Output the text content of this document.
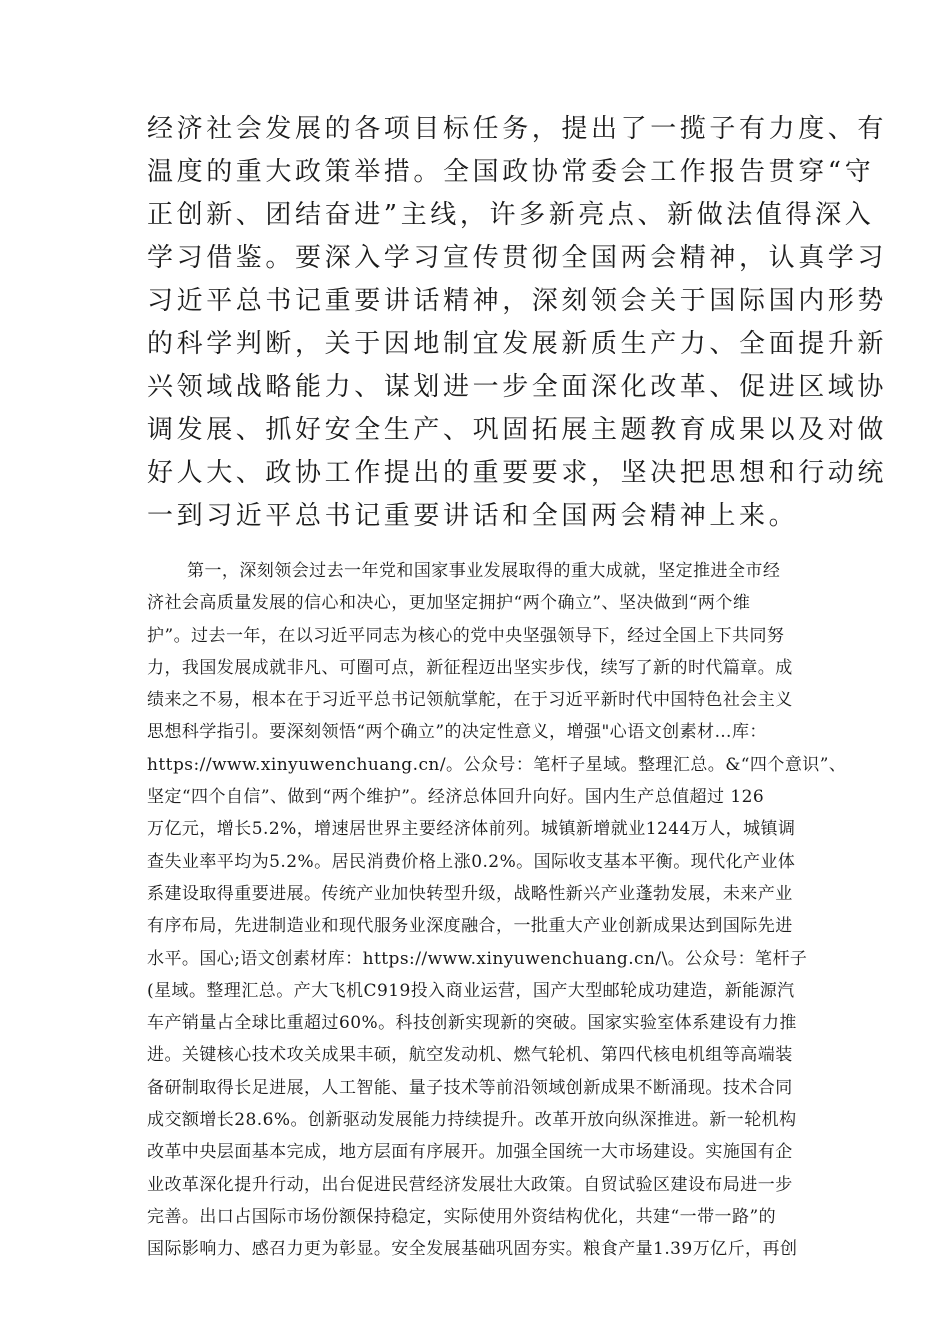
经济社会发展的各项目标任务，提出了一揽子有力度、有
温度的重大政策举措。全国政协常委会工作报告贯穿“守
正创新、团结奋进”主线，许多新亮点、新做法值得深入
学习借鉴。要深入学习宣传贯彻全国两会精神，认真学习
习近平总书记重要讲话精神，深刻领会关于国际国内形势
的科学判断，关于因地制宜发展新质生产力、全面提升新
兴领域战略能力、谋划进一步全面深化改革、促进区域协
调发展、抓好安全生产、巩固拓展主题教育成果以及对做
好人大、政协工作提出的重要要求，坚决把思想和行动统
一到习近平总书记重要讲话和全国两会精神上来。
第一，深刻领会过去一年党和国家事业发展取得的重大成就，坚定推进全市经
济社会高质量发展的信心和决心，更加坚定拥护“两个确立”、坚决做到“两个维
护”。过去一年，在以习近平同志为核心的党中央坚强领导下，经过全国上下共同努
力，我国发展成就非凡、可圈可点，新征程迈出坚实步伐，续写了新的时代篇章。成
绩来之不易，根本在于习近平总书记领航掌舵，在于习近平新时代中国特色社会主义
思想科学指引。要深刻领悟“两个确立”的决定性意义，增强"心语文创素材…库：
https://www.xinyuwenchuang.cn/。公众号：笔杆子星域。整理汇总。&“四个意识”、
坚定“四个自信”、做到“两个维护”。经济总体回升向好。国内生产总值超过 126
万亿元，增长5.2%，增速居世界主要经济体前列。城镇新增就业1244万人，城镇调
查失业率平均为5.2%。居民消费价格上涨0.2%。国际收支基本平衡。现代化产业体
系建设取得重要进展。传统产业加快转型升级，战略性新兴产业蓬勃发展，未来产业
有序布局，先进制造业和现代服务业深度融合，一批重大产业创新成果达到国际先进
水平。国心;语文创素材库：https://www.xinyuwenchuang.cn/\。公众号：笔杆子
(星域。整理汇总。产大飞机C919投入商业运营，国产大型邮轮成功建造，新能源汽
车产销量占全球比重超过60%。科技创新实现新的突破。国家实验室体系建设有力推
进。关键核心技术攻关成果丰硕，航空发动机、燃气轮机、第四代核电机组等高端装
备研制取得长足进展，人工智能、量子技术等前沿领域创新成果不断涌现。技术合同
成交额增长28.6%。创新驱动发展能力持续提升。改革开放向纵深推进。新一轮机构
改革中央层面基本完成，地方层面有序展开。加强全国统一大市场建设。实施国有企
业改革深化提升行动，出台促进民营经济发展壮大政策。自贸试验区建设布局进一步
完善。出口占国际市场份额保持稳定，实际使用外资结构优化，共建“一带一路”的
国际影响力、感召力更为彰显。安全发展基础巩固夯实。粮食产量1.39万亿斤，再创
